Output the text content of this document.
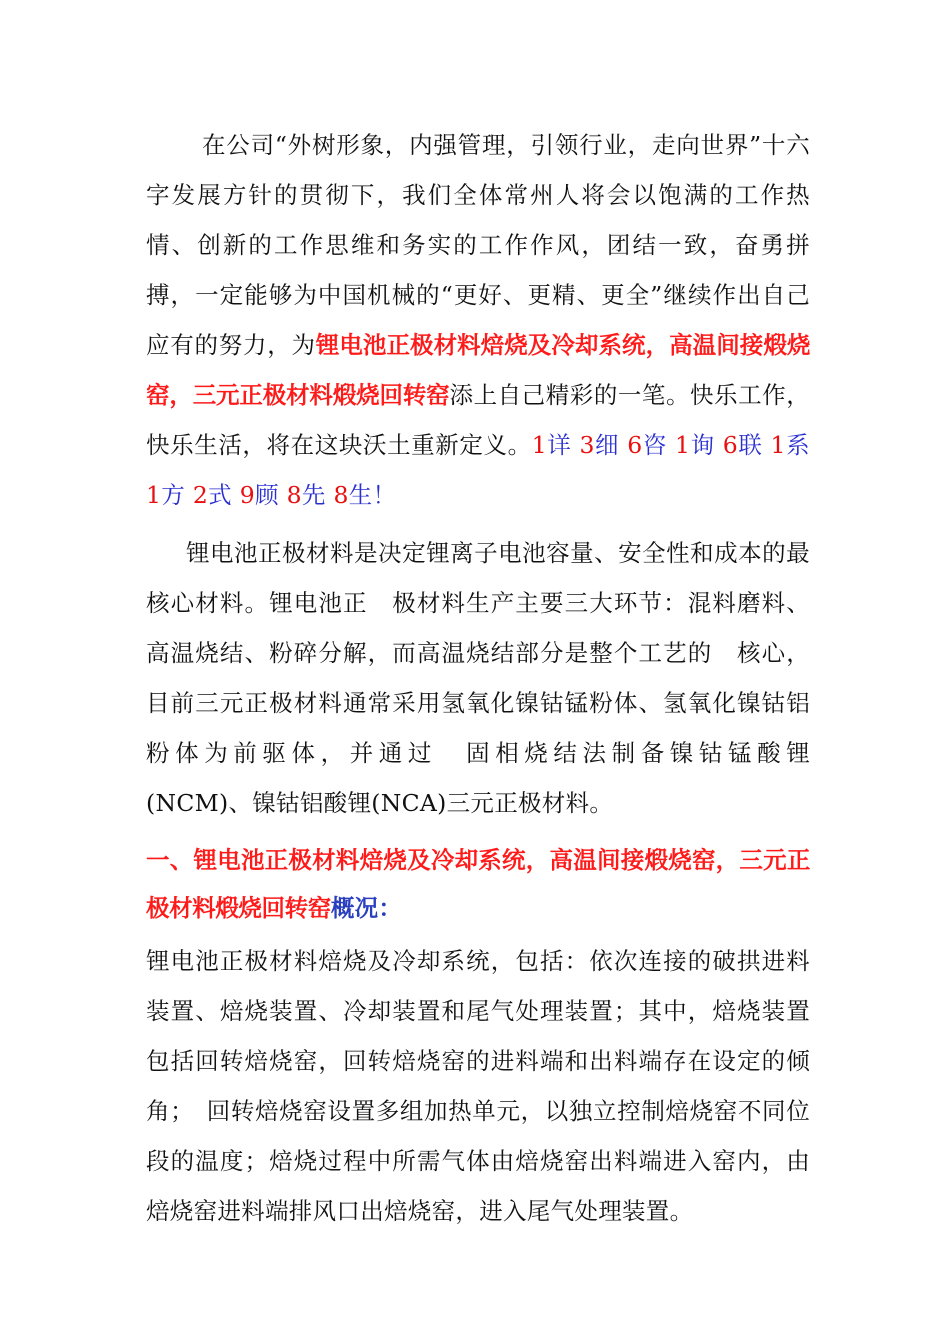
在公司“外树形象，内强管理，引领行业，走向世界”十六字发展方针的贯彻下，我们全体常州人将会以饱满的工作热情、创新的工作思维和务实的工作作风，团结一致，奋勇拼搏，一定能够为中国机械的“更好、更精、更全”继续作出自己应有的努力，为锂电池正极材料焙烧及冷却系统，高温间接煅烧窑，三元正极材料煅烧回转窑添上自己精彩的一笔。快乐工作，快乐生活，将在这块沃土重新定义。1详 3细 6咨 1询 6联 1系 1方 2式 9顾 8先 8生！

锂电池正极材料是决定锂离子电池容量、安全性和成本的最核心材料。锂电池正　极材料生产主要三大环节：混料磨料、高温烧结、粉碎分解，而高温烧结部分是整个工艺的　核心，目前三元正极材料通常采用氢氧化镍钴锰粉体、氢氧化镍钴铝粉体为前驱体，并通过　固相烧结法制备镍钴锰酸锂　(NCM)、镍钴铝酸锂(NCA)三元正极材料。

一、锂电池正极材料焙烧及冷却系统，高温间接煅烧窑，三元正极材料煅烧回转窑概况：

锂电池正极材料焙烧及冷却系统，包括：依次连接的破拱进料装置、焙烧装置、冷却装置和尾气处理装置；其中，焙烧装置包括回转焙烧窑，回转焙烧窑的进料端和出料端存在设定的倾角；　回转焙烧窑设置多组加热单元，以独立控制焙烧窑不同位段的温度；焙烧过程中所需气体由焙烧窑出料端进入窑内，由焙烧窑进料端排风口出焙烧窑，进入尾气处理装置。
